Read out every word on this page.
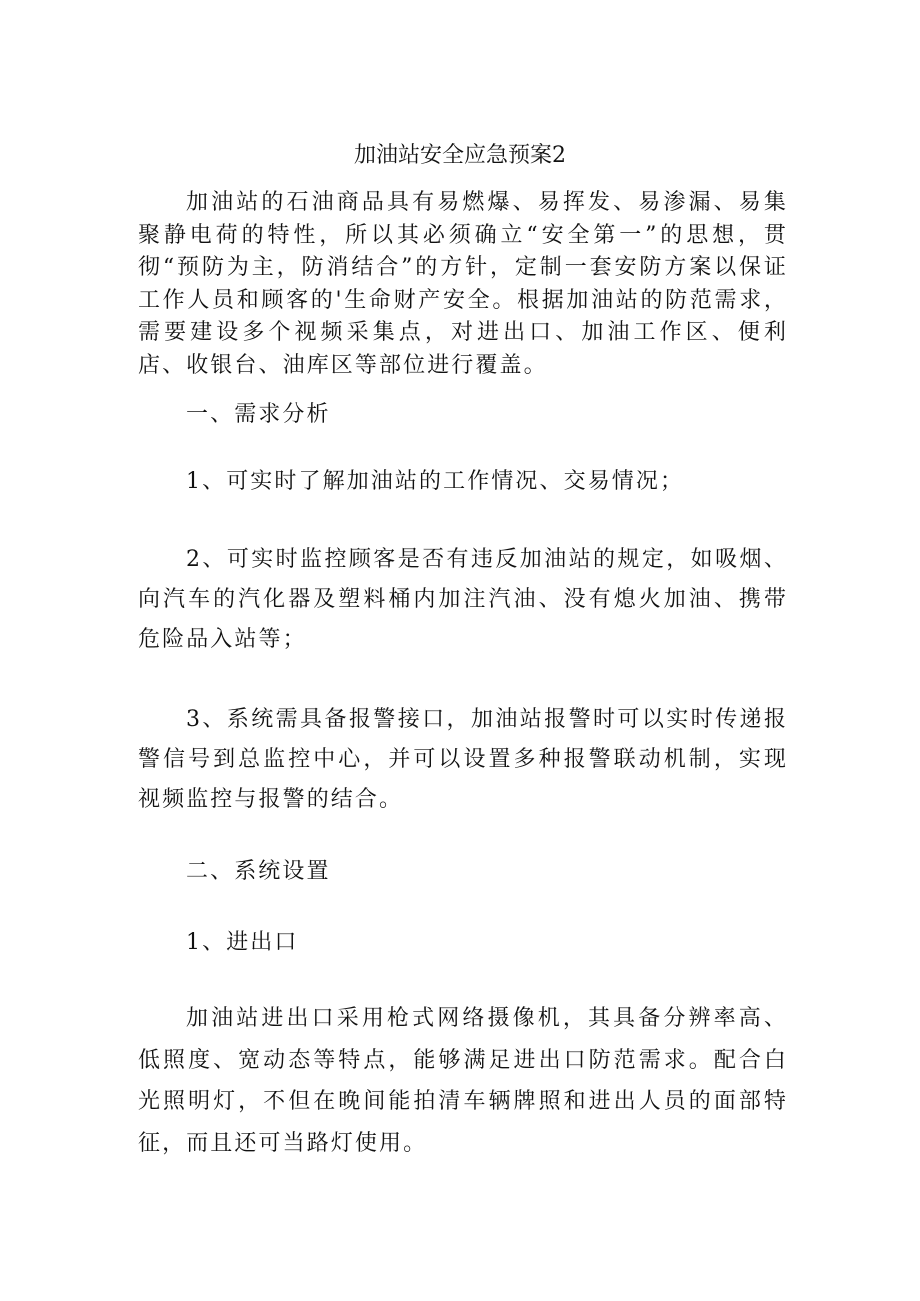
加油站安全应急预案2

加油站的石油商品具有易燃爆、易挥发、易渗漏、易集聚静电荷的特性，所以其必须确立“安全第一”的思想，贯彻“预防为主，防消结合”的方针，定制一套安防方案以保证工作人员和顾客的'生命财产安全。根据加油站的防范需求，需要建设多个视频采集点，对进出口、加油工作区、便利店、收银台、油库区等部位进行覆盖。

一、需求分析

1、可实时了解加油站的工作情况、交易情况；

2、可实时监控顾客是否有违反加油站的规定，如吸烟、向汽车的汽化器及塑料桶内加注汽油、没有熄火加油、携带危险品入站等；

3、系统需具备报警接口，加油站报警时可以实时传递报警信号到总监控中心，并可以设置多种报警联动机制，实现视频监控与报警的结合。

二、系统设置

1、进出口

加油站进出口采用枪式网络摄像机，其具备分辨率高、低照度、宽动态等特点，能够满足进出口防范需求。配合白光照明灯，不但在晚间能拍清车辆牌照和进出人员的面部特征，而且还可当路灯使用。
